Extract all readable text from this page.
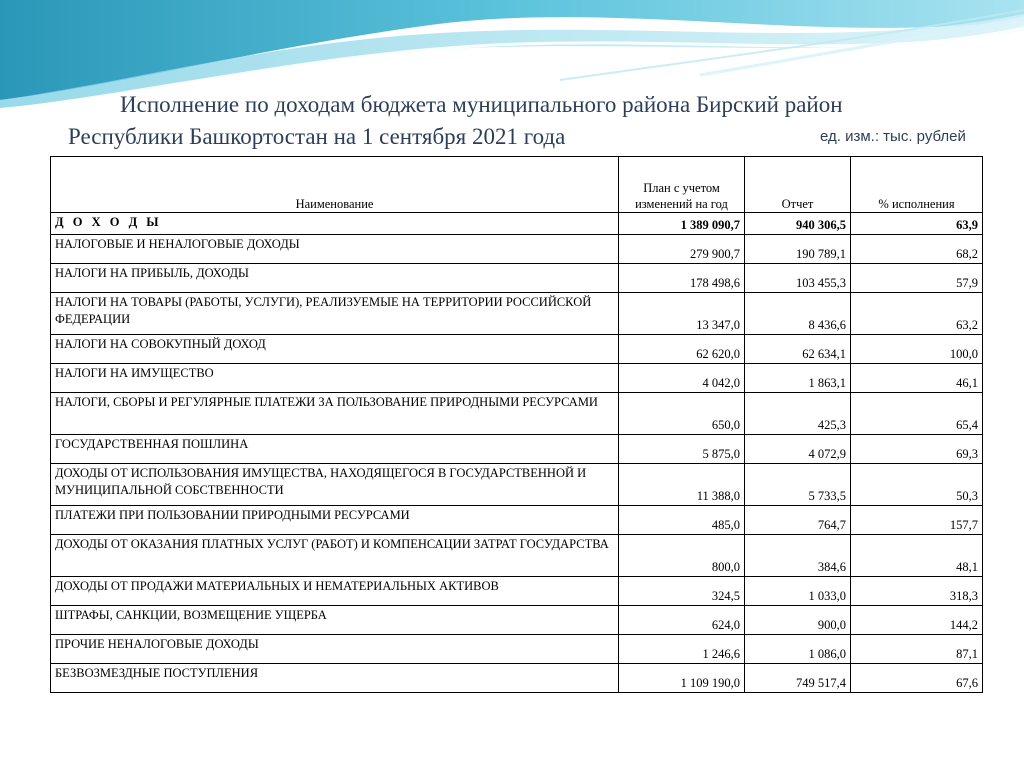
Исполнение по доходам бюджета муниципального района Бирский район
Республики Башкортостан на 1 сентября 2021 года	ед. изм.: тыс. рублей
Наименование	План с учетом изменений на год	Отчет	% исполнения
Д О Х О Д Ы	1 389 090,7	940 306,5	63,9
НАЛОГОВЫЕ И НЕНАЛОГОВЫЕ ДОХОДЫ	279 900,7	190 789,1	68,2
НАЛОГИ НА ПРИБЫЛЬ, ДОХОДЫ	178 498,6	103 455,3	57,9
НАЛОГИ НА ТОВАРЫ (РАБОТЫ, УСЛУГИ), РЕАЛИЗУЕМЫЕ НА ТЕРРИТОРИИ РОССИЙСКОЙ ФЕДЕРАЦИИ	13 347,0	8 436,6	63,2
НАЛОГИ НА СОВОКУПНЫЙ ДОХОД	62 620,0	62 634,1	100,0
НАЛОГИ НА ИМУЩЕСТВО	4 042,0	1 863,1	46,1
НАЛОГИ, СБОРЫ И РЕГУЛЯРНЫЕ ПЛАТЕЖИ ЗА ПОЛЬЗОВАНИЕ ПРИРОДНЫМИ РЕСУРСАМИ	650,0	425,3	65,4
ГОСУДАРСТВЕННАЯ ПОШЛИНА	5 875,0	4 072,9	69,3
ДОХОДЫ ОТ ИСПОЛЬЗОВАНИЯ ИМУЩЕСТВА, НАХОДЯЩЕГОСЯ В ГОСУДАРСТВЕННОЙ И МУНИЦИПАЛЬНОЙ СОБСТВЕННОСТИ	11 388,0	5 733,5	50,3
ПЛАТЕЖИ ПРИ ПОЛЬЗОВАНИИ ПРИРОДНЫМИ РЕСУРСАМИ	485,0	764,7	157,7
ДОХОДЫ ОТ ОКАЗАНИЯ ПЛАТНЫХ УСЛУГ (РАБОТ) И КОМПЕНСАЦИИ ЗАТРАТ ГОСУДАРСТВА	800,0	384,6	48,1
ДОХОДЫ ОТ ПРОДАЖИ МАТЕРИАЛЬНЫХ И НЕМАТЕРИАЛЬНЫХ АКТИВОВ	324,5	1 033,0	318,3
ШТРАФЫ, САНКЦИИ, ВОЗМЕЩЕНИЕ УЩЕРБА	624,0	900,0	144,2
ПРОЧИЕ НЕНАЛОГОВЫЕ ДОХОДЫ	1 246,6	1 086,0	87,1
БЕЗВОЗМЕЗДНЫЕ ПОСТУПЛЕНИЯ	1 109 190,0	749 517,4	67,6
